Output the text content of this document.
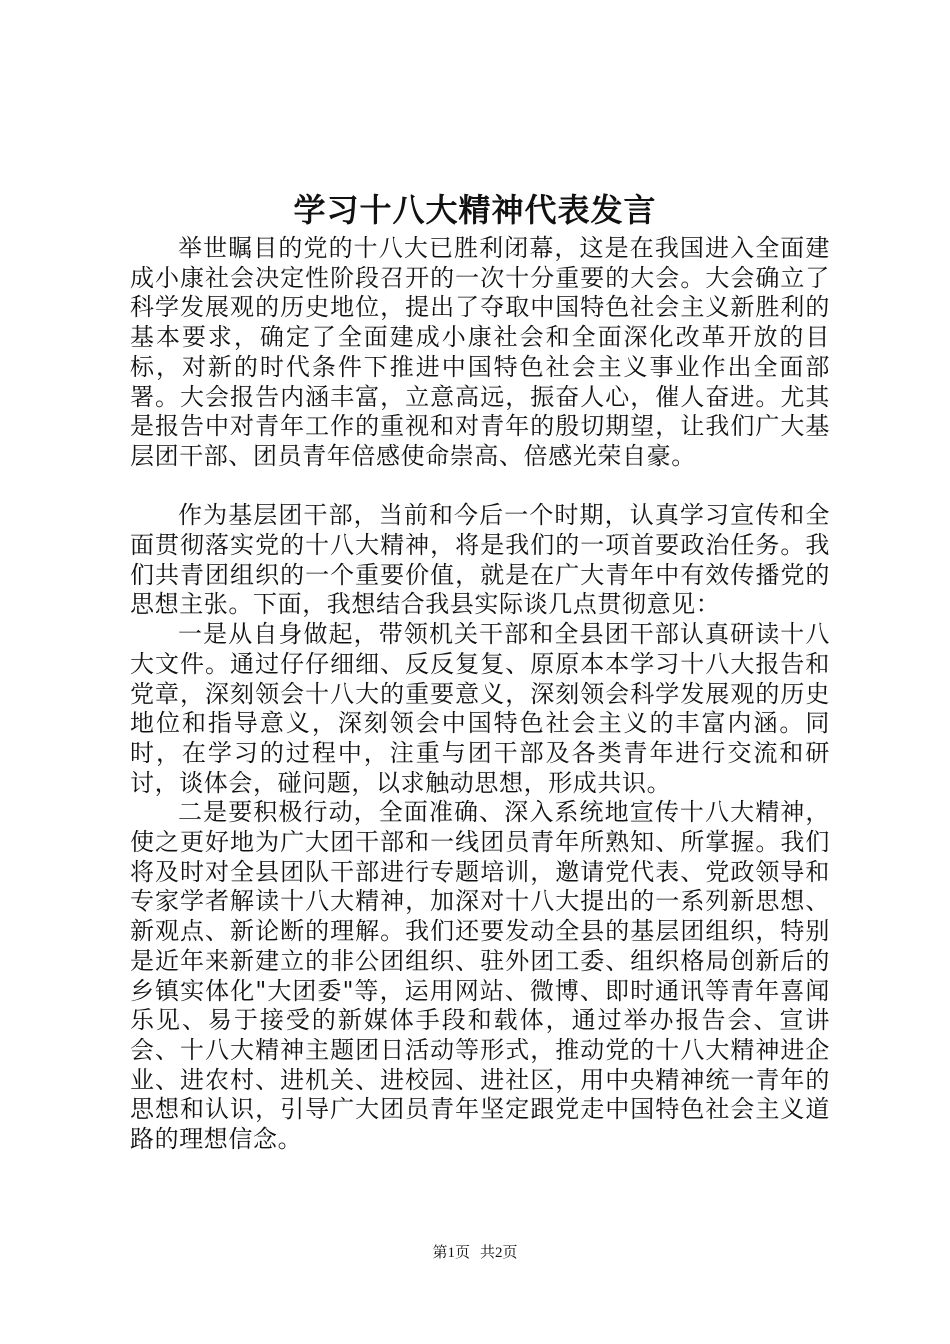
学习十八大精神代表发言

举世瞩目的党的十八大已胜利闭幕，这是在我国进入全面建成小康社会决定性阶段召开的一次十分重要的大会。大会确立了科学发展观的历史地位，提出了夺取中国特色社会主义新胜利的基本要求，确定了全面建成小康社会和全面深化改革开放的目标，对新的时代条件下推进中国特色社会主义事业作出全面部署。大会报告内涵丰富，立意高远，振奋人心，催人奋进。尤其是报告中对青年工作的重视和对青年的殷切期望，让我们广大基层团干部、团员青年倍感使命崇高、倍感光荣自豪。

作为基层团干部，当前和今后一个时期，认真学习宣传和全面贯彻落实党的十八大精神，将是我们的一项首要政治任务。我们共青团组织的一个重要价值，就是在广大青年中有效传播党的思想主张。下面，我想结合我县实际谈几点贯彻意见：

一是从自身做起，带领机关干部和全县团干部认真研读十八大文件。通过仔仔细细、反反复复、原原本本学习十八大报告和党章，深刻领会十八大的重要意义，深刻领会科学发展观的历史地位和指导意义，深刻领会中国特色社会主义的丰富内涵。同时，在学习的过程中，注重与团干部及各类青年进行交流和研讨，谈体会，碰问题，以求触动思想，形成共识。

二是要积极行动，全面准确、深入系统地宣传十八大精神，使之更好地为广大团干部和一线团员青年所熟知、所掌握。我们将及时对全县团队干部进行专题培训，邀请党代表、党政领导和专家学者解读十八大精神，加深对十八大提出的一系列新思想、新观点、新论断的理解。我们还要发动全县的基层团组织，特别是近年来新建立的非公团组织、驻外团工委、组织格局创新后的乡镇实体化"大团委"等，运用网站、微博、即时通讯等青年喜闻乐见、易于接受的新媒体手段和载体，通过举办报告会、宣讲会、十八大精神主题团日活动等形式，推动党的十八大精神进企业、进农村、进机关、进校园、进社区，用中央精神统一青年的思想和认识，引导广大团员青年坚定跟党走中国特色社会主义道路的理想信念。

第1页 共2页
